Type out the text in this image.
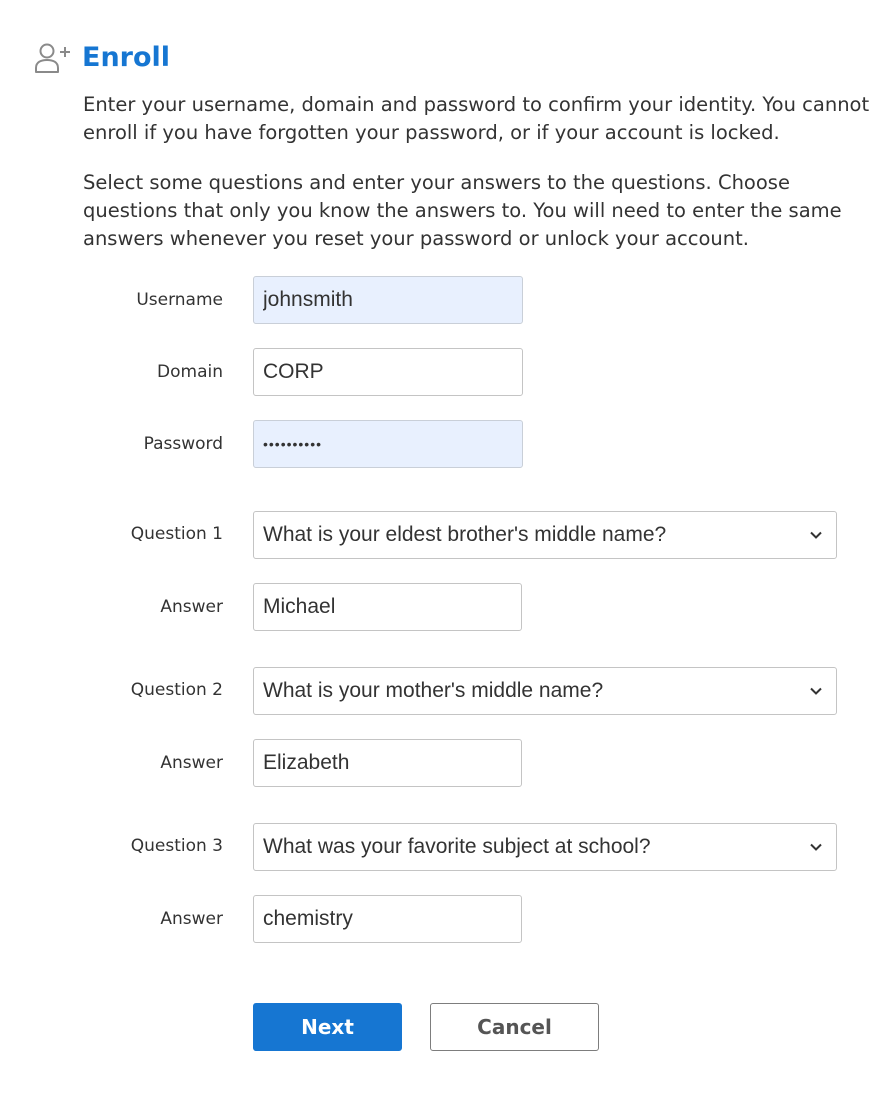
Enroll

Enter your username, domain and password to confirm your identity. You cannot enroll if you have forgotten your password, or if your account is locked.

Select some questions and enter your answers to the questions. Choose questions that only you know the answers to. You will need to enter the same answers whenever you reset your password or unlock your account.

Username
johnsmith
Domain
CORP
Password
••••••••••
Question 1 What is your eldest brother's middle name?
Answer
Michael
Question 2 What is your mother's middle name?
Answer
Elizabeth
Question 3 What was your favorite subject at school?
Answer
chemistry
Next	Cancel
